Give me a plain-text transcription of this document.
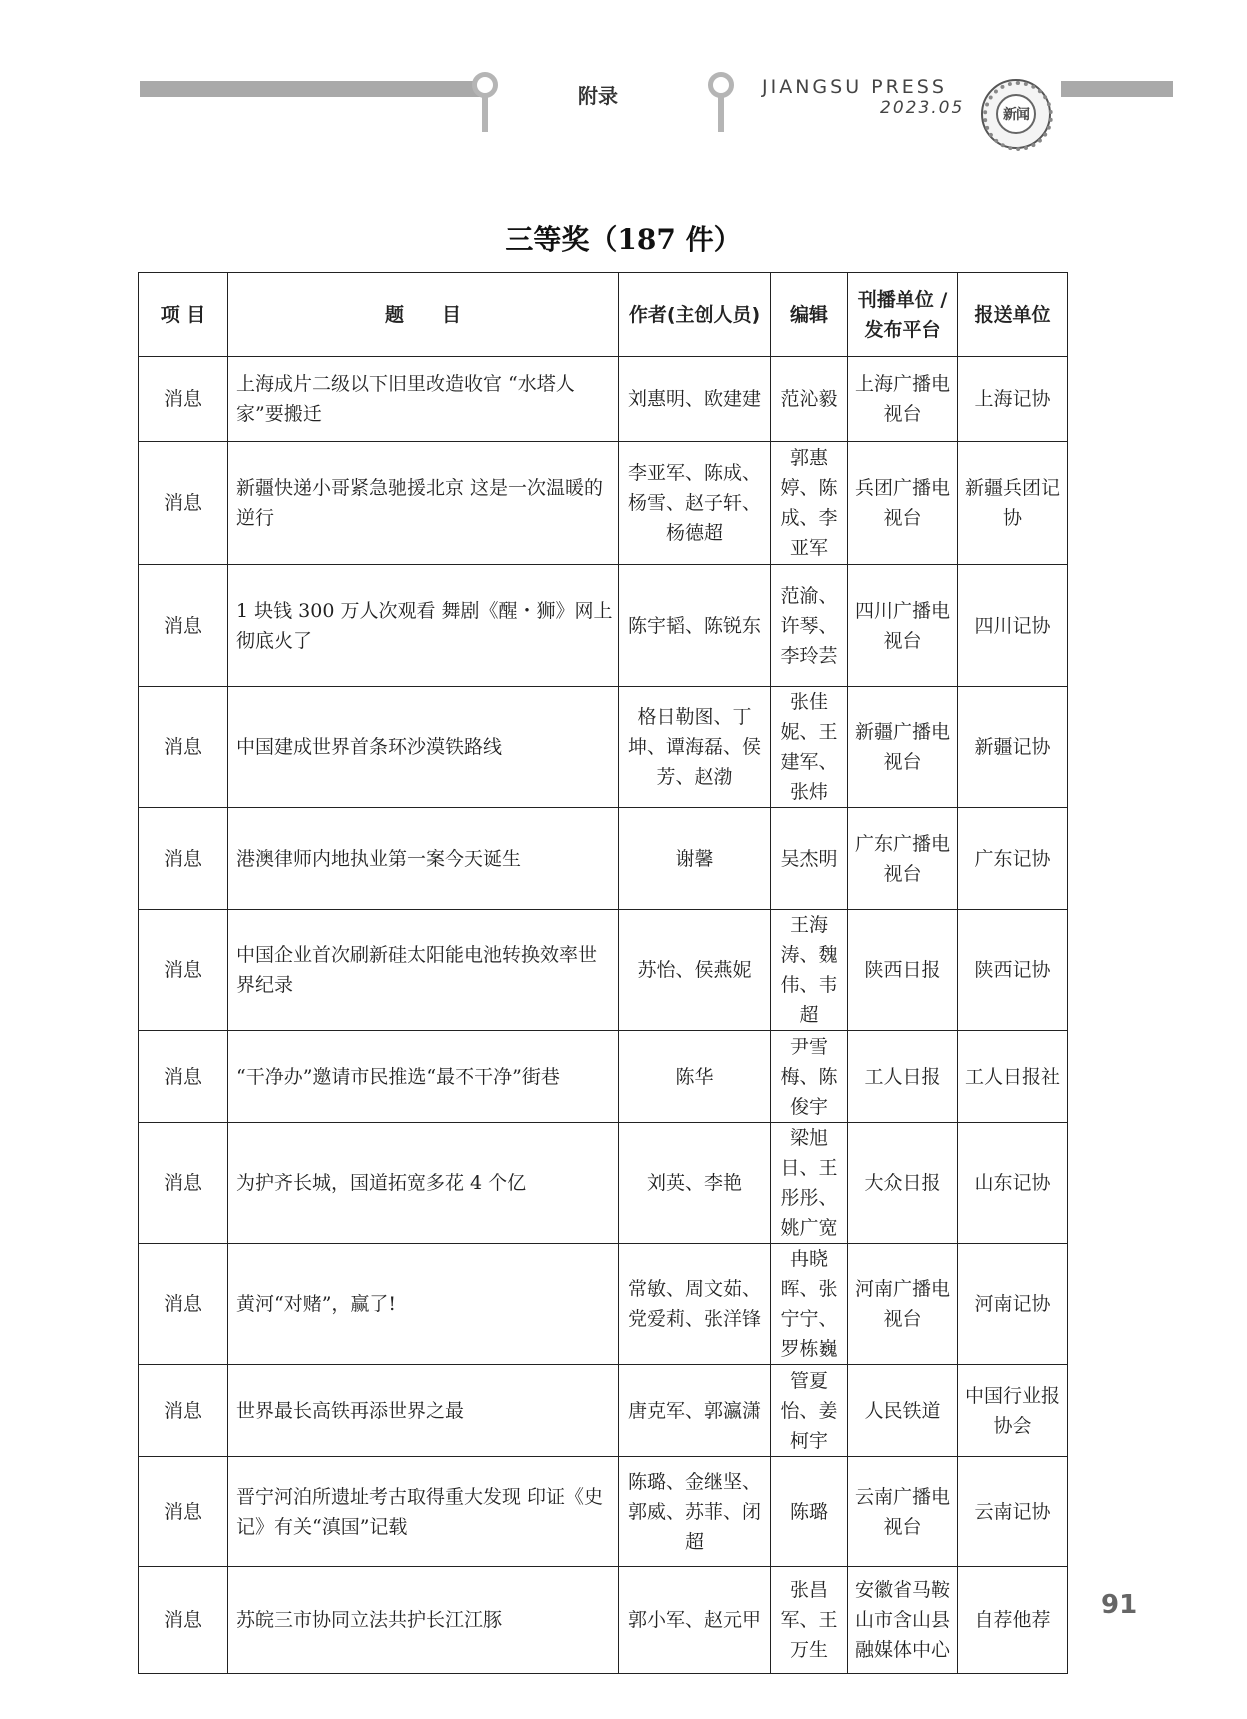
附录	JIANGSU PRESS
2023.05	新闻
三等奖（187 件）
项 目	题　　目	作者(主创人员)	编辑	刊播单位 / 发布平台	报送单位
消息	上海成片二级以下旧里改造收官 “水塔人家”要搬迁	刘惠明、欧建建	范沁毅	上海广播电视台	上海记协
消息	新疆快递小哥紧急驰援北京 这是一次温暖的逆行	李亚军、陈成、杨雪、赵子轩、杨德超	郭惠婷、陈成、李亚军	兵团广播电视台	新疆兵团记协
消息	1 块钱 300 万人次观看 舞剧《醒・狮》网上彻底火了	陈宇韬、陈锐东	范渝、许琴、李玲芸	四川广播电视台	四川记协
消息	中国建成世界首条环沙漠铁路线	格日勒图、丁坤、谭海磊、侯芳、赵渤	张佳妮、王建军、张炜	新疆广播电视台	新疆记协
消息	港澳律师内地执业第一案今天诞生	谢馨	吴杰明	广东广播电视台	广东记协
消息	中国企业首次刷新硅太阳能电池转换效率世界纪录	苏怡、侯燕妮	王海涛、魏伟、韦超	陕西日报	陕西记协
消息	“干净办”邀请市民推选“最不干净”街巷	陈华	尹雪梅、陈俊宇	工人日报	工人日报社
消息	为护齐长城，国道拓宽多花 4 个亿	刘英、李艳	梁旭日、王彤彤、姚广宽	大众日报	山东记协
消息	黄河“对赌”，赢了!	常敏、周文茹、党爱莉、张洋锋	冉晓晖、张宁宁、罗栋巍	河南广播电视台	河南记协
消息	世界最长高铁再添世界之最	唐克军、郭瀛潇	管夏怡、姜柯宇	人民铁道	中国行业报协会
消息	晋宁河泊所遗址考古取得重大发现 印证《史记》有关“滇国”记载	陈璐、金继坚、郭威、苏菲、闭超	陈璐	云南广播电视台	云南记协
消息	苏皖三市协同立法共护长江江豚	郭小军、赵元甲	张昌军、王万生	安徽省马鞍山市含山县融媒体中心	自荐他荐 91
